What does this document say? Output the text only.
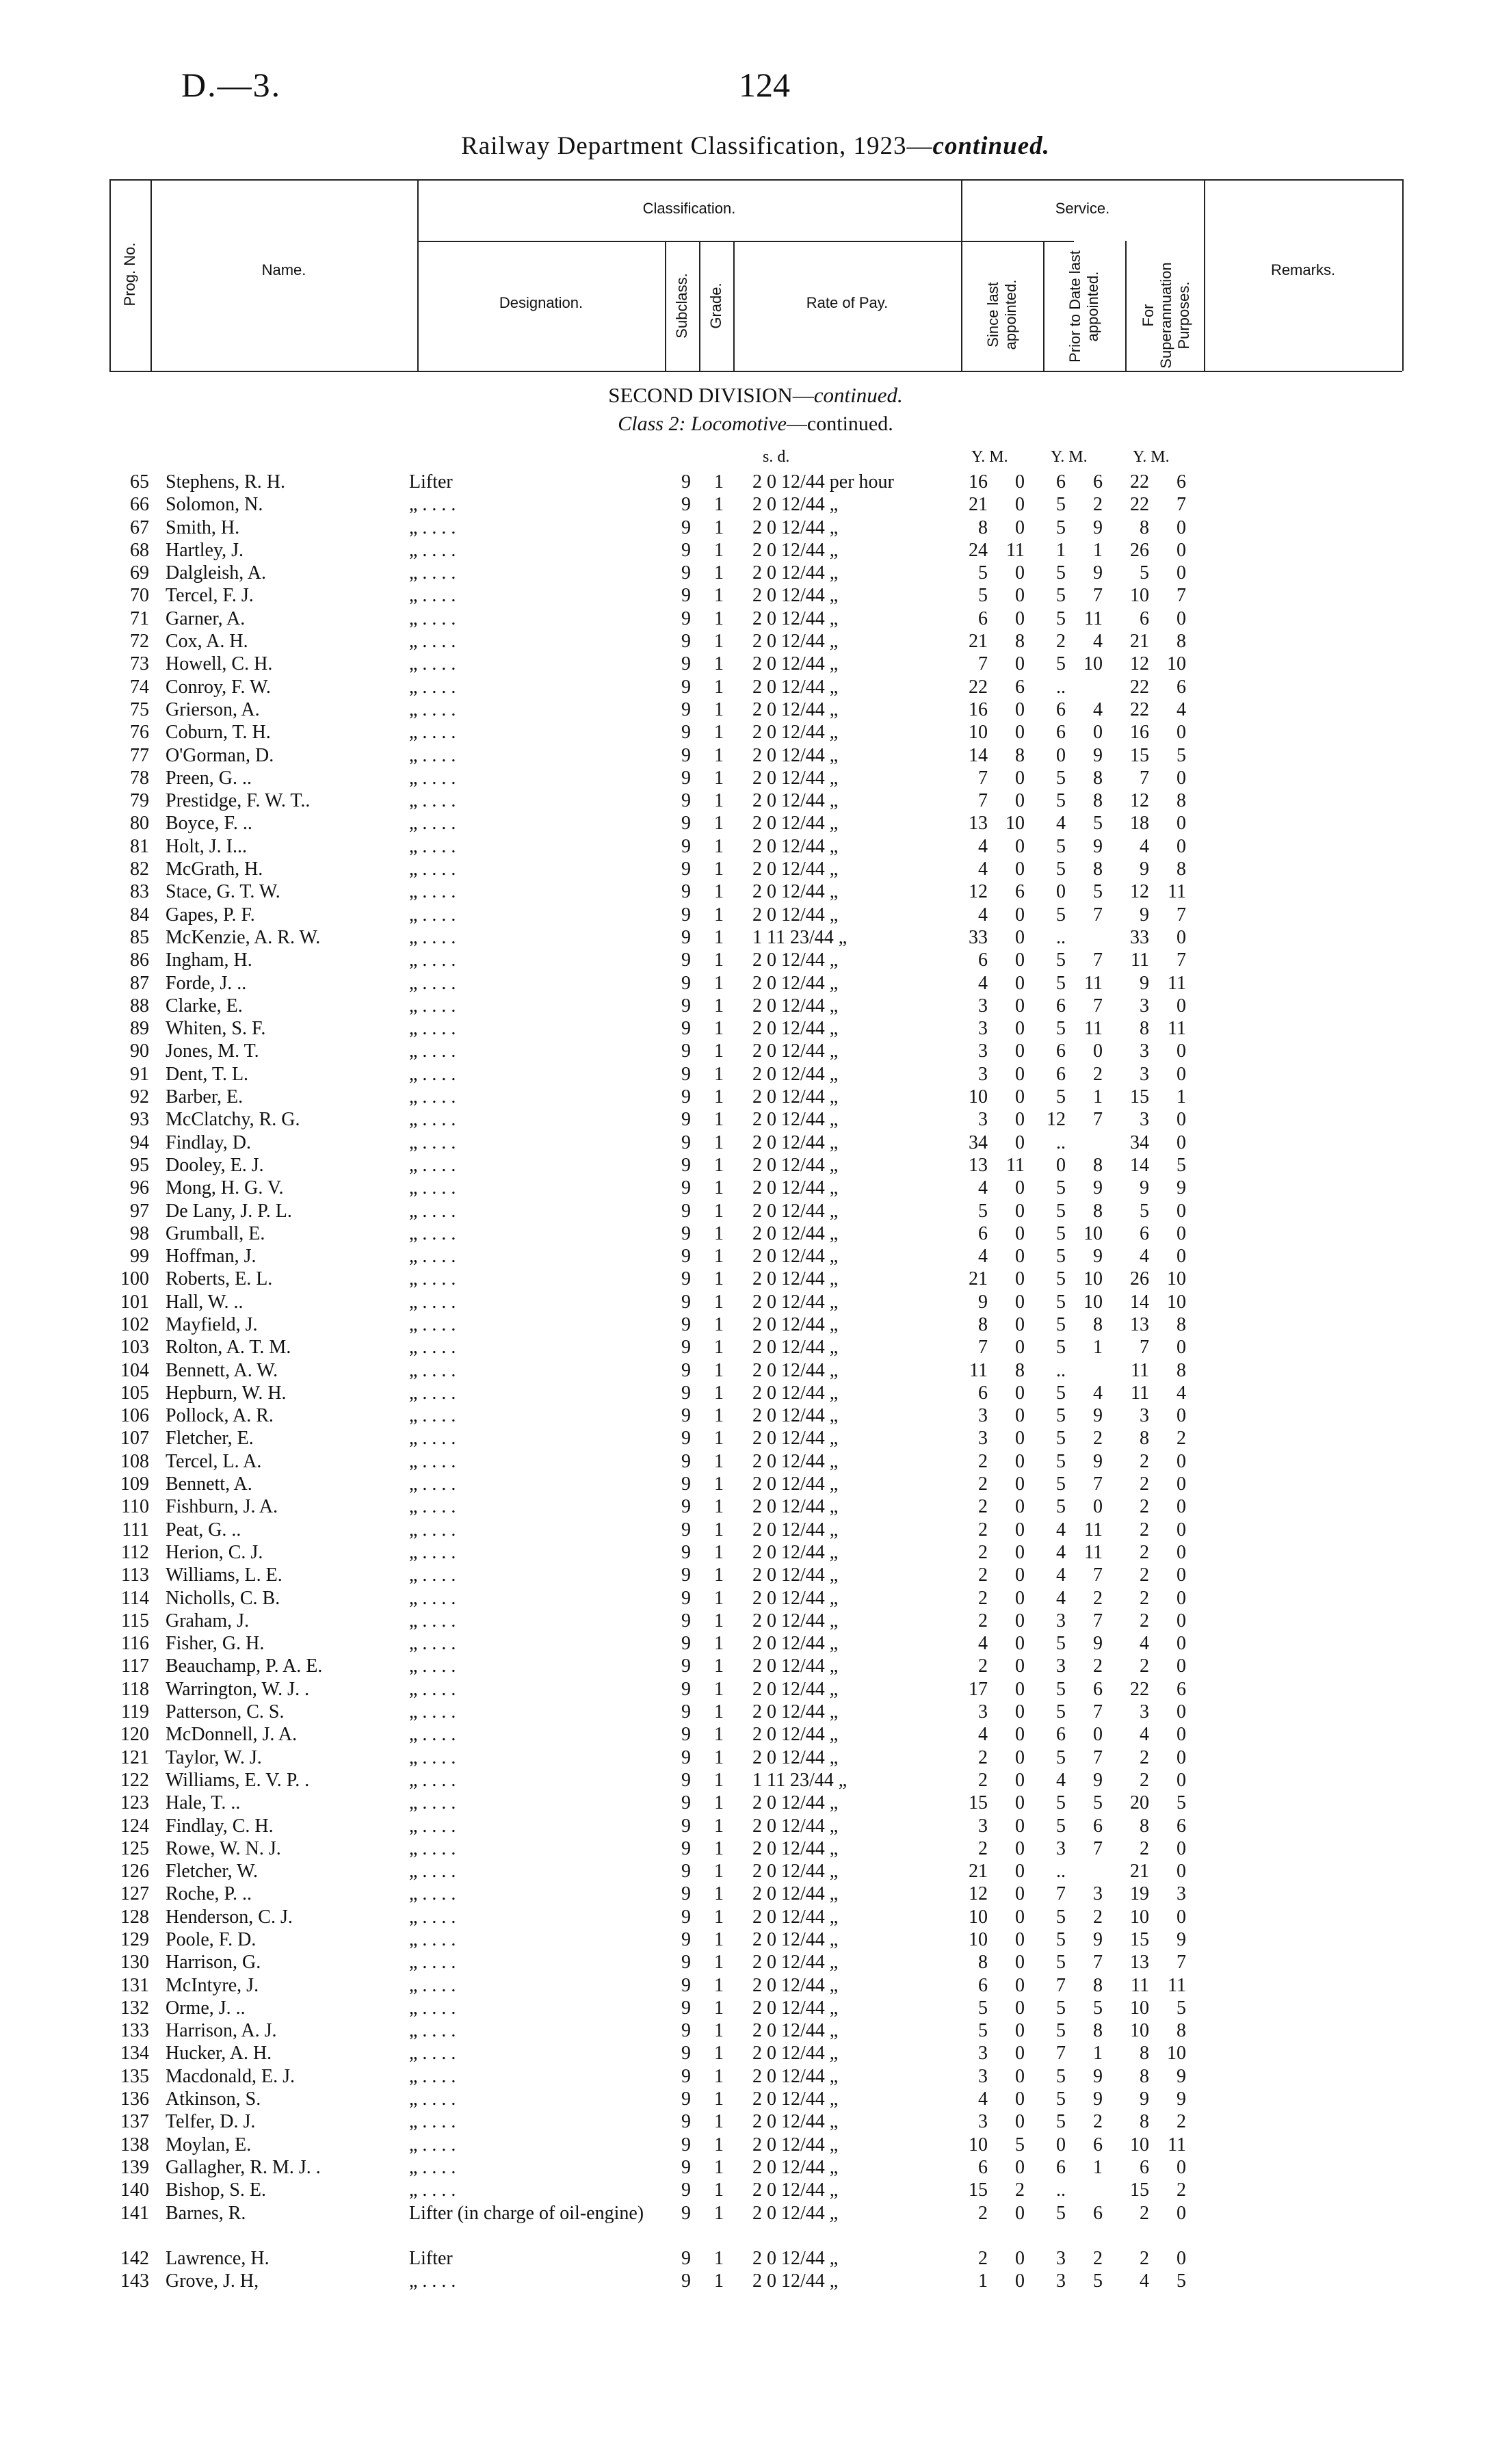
D.—3.	124
Railway Department Classification, 1923—continued.
Prog. No.	Name.
Classification.
Designation.	Subclass. Grade.	Rate of Pay.
Service.
Since last appointed.	Prior to Date last appointed.	For Superannuation Purposes.
Remarks.
SECOND DIVISION—continued.
Class 2: Locomotive—continued.
s. d.	Y. M.	Y. M.	Y. M.
65 Stephens, R. H.	Lifter	9 1 2 0 12/44 per hour	16	0	6	6	22	6
66 Solomon, N.	„ . . . .	9 1 2 0 12/44 „	21	0	5	2	22	7
67 Smith, H.	„ . . . .	9 1 2 0 12/44 „	8	0	5	9	8	0
68 Hartley, J.	„ . . . .	9 1 2 0 12/44 „	24 11	1	1	26	0
69 Dalgleish, A.	„ . . . .	9 1 2 0 12/44 „	5	0	5	9	5	0
70 Tercel, F. J.	„ . . . .	9 1 2 0 12/44 „	5	0	5	7	10	7
71 Garner, A.	„ . . . .	9 1 2 0 12/44 „	6	0	5 11	6	0
72 Cox, A. H.	„ . . . .	9 1 2 0 12/44 „	21	8	2	4	21	8
73 Howell, C. H.	„ . . . .	9 1 2 0 12/44 „	7	0	5 10	12 10
74 Conroy, F. W.	„ . . . .	9 1 2 0 12/44 „	22	6	..	22	6
75 Grierson, A.	„ . . . .	9 1 2 0 12/44 „	16	0	6	4	22	4
76 Coburn, T. H.	„ . . . .	9 1 2 0 12/44 „	10	0	6	0	16	0
77 O'Gorman, D.	„ . . . .	9 1 2 0 12/44 „	14	8	0	9	15	5
78 Preen, G. ..	„ . . . .	9 1 2 0 12/44 „	7	0	5	8	7	0
79 Prestidge, F. W. T..	„ . . . .	9 1 2 0 12/44 „	7	0	5	8	12	8
80 Boyce, F. ..	„ . . . .	9 1 2 0 12/44 „	13 10	4	5	18	0
81 Holt, J. I...	„ . . . .	9 1 2 0 12/44 „	4	0	5	9	4	0
82 McGrath, H.	„ . . . .	9 1 2 0 12/44 „	4	0	5	8	9	8
83 Stace, G. T. W.	„ . . . .	9 1 2 0 12/44 „	12	6	0	5	12 11
84 Gapes, P. F.	„ . . . .	9 1 2 0 12/44 „	4	0	5	7	9	7
85 McKenzie, A. R. W.	„ . . . .	9 1 1 11 23/44 „	33	0	..	33	0
86 Ingham, H.	„ . . . .	9 1 2 0 12/44 „	6	0	5	7	11	7
87 Forde, J. ..	„ . . . .	9 1 2 0 12/44 „	4	0	5 11	9 11
88 Clarke, E.	„ . . . .	9 1 2 0 12/44 „	3	0	6	7	3	0
89 Whiten, S. F.	„ . . . .	9 1 2 0 12/44 „	3	0	5 11	8 11
90 Jones, M. T.	„ . . . .	9 1 2 0 12/44 „	3	0	6	0	3	0
91 Dent, T. L.	„ . . . .	9 1 2 0 12/44 „	3	0	6	2	3	0
92 Barber, E.	„ . . . .	9 1 2 0 12/44 „	10	0	5	1	15	1
93 McClatchy, R. G.	„ . . . .	9 1 2 0 12/44 „	3	0	12	7	3	0
94 Findlay, D.	„ . . . .	9 1 2 0 12/44 „	34	0	..	34	0
95 Dooley, E. J.	„ . . . .	9 1 2 0 12/44 „	13 11	0	8	14	5
96 Mong, H. G. V.	„ . . . .	9 1 2 0 12/44 „	4	0	5	9	9	9
97 De Lany, J. P. L.	„ . . . .	9 1 2 0 12/44 „	5	0	5	8	5	0
98 Grumball, E.	„ . . . .	9 1 2 0 12/44 „	6	0	5 10	6	0
99 Hoffman, J.	„ . . . .	9 1 2 0 12/44 „	4	0	5	9	4	0
100 Roberts, E. L.	„ . . . .	9 1 2 0 12/44 „	21	0	5 10	26 10
101 Hall, W. ..	„ . . . .	9 1 2 0 12/44 „	9	0	5 10	14 10
102 Mayfield, J.	„ . . . .	9 1 2 0 12/44 „	8	0	5	8	13	8
103 Rolton, A. T. M.	„ . . . .	9 1 2 0 12/44 „	7	0	5	1	7	0
104 Bennett, A. W.	„ . . . .	9 1 2 0 12/44 „	11	8	..	11	8
105 Hepburn, W. H.	„ . . . .	9 1 2 0 12/44 „	6	0	5	4	11	4
106 Pollock, A. R.	„ . . . .	9 1 2 0 12/44 „	3	0	5	9	3	0
107 Fletcher, E.	„ . . . .	9 1 2 0 12/44 „	3	0	5	2	8	2
108 Tercel, L. A.	„ . . . .	9 1 2 0 12/44 „	2	0	5	9	2	0
109 Bennett, A.	„ . . . .	9 1 2 0 12/44 „	2	0	5	7	2	0
110 Fishburn, J. A.	„ . . . .	9 1 2 0 12/44 „	2	0	5	0	2	0
111 Peat, G. ..	„ . . . .	9 1 2 0 12/44 „	2	0	4 11	2	0
112 Herion, C. J.	„ . . . .	9 1 2 0 12/44 „	2	0	4 11	2	0
113 Williams, L. E.	„ . . . .	9 1 2 0 12/44 „	2	0	4	7	2	0
114 Nicholls, C. B.	„ . . . .	9 1 2 0 12/44 „	2	0	4	2	2	0
115 Graham, J.	„ . . . .	9 1 2 0 12/44 „	2	0	3	7	2	0
116 Fisher, G. H.	„ . . . .	9 1 2 0 12/44 „	4	0	5	9	4	0
117 Beauchamp, P. A. E.	„ . . . .	9 1 2 0 12/44 „	2	0	3	2	2	0
118 Warrington, W. J. .	„ . . . .	9 1 2 0 12/44 „	17	0	5	6	22	6
119 Patterson, C. S.	„ . . . .	9 1 2 0 12/44 „	3	0	5	7	3	0
120 McDonnell, J. A.	„ . . . .	9 1 2 0 12/44 „	4	0	6	0	4	0
121 Taylor, W. J.	„ . . . .	9 1 2 0 12/44 „	2	0	5	7	2	0
122 Williams, E. V. P. .	„ . . . .	9 1 1 11 23/44 „	2	0	4	9	2	0
123 Hale, T. ..	„ . . . .	9 1 2 0 12/44 „	15	0	5	5	20	5
124 Findlay, C. H.	„ . . . .	9 1 2 0 12/44 „	3	0	5	6	8	6
125 Rowe, W. N. J.	„ . . . .	9 1 2 0 12/44 „	2	0	3	7	2	0
126 Fletcher, W.	„ . . . .	9 1 2 0 12/44 „	21	0	..	21	0
127 Roche, P. ..	„ . . . .	9 1 2 0 12/44 „	12	0	7	3	19	3
128 Henderson, C. J.	„ . . . .	9 1 2 0 12/44 „	10	0	5	2	10	0
129 Poole, F. D.	„ . . . .	9 1 2 0 12/44 „	10	0	5	9	15	9
130 Harrison, G.	„ . . . .	9 1 2 0 12/44 „	8	0	5	7	13	7
131 McIntyre, J.	„ . . . .	9 1 2 0 12/44 „	6	0	7	8	11 11
132 Orme, J. ..	„ . . . .	9 1 2 0 12/44 „	5	0	5	5	10	5
133 Harrison, A. J.	„ . . . .	9 1 2 0 12/44 „	5	0	5	8	10	8
134 Hucker, A. H.	„ . . . .	9 1 2 0 12/44 „	3	0	7	1	8 10
135 Macdonald, E. J.	„ . . . .	9 1 2 0 12/44 „	3	0	5	9	8	9
136 Atkinson, S.	„ . . . .	9 1 2 0 12/44 „	4	0	5	9	9	9
137 Telfer, D. J.	„ . . . .	9 1 2 0 12/44 „	3	0	5	2	8	2
138 Moylan, E.	„ . . . .	9 1 2 0 12/44 „	10	5	0	6	10 11
139 Gallagher, R. M. J. .	„ . . . .	9 1 2 0 12/44 „	6	0	6	1	6	0
140 Bishop, S. E.	„ . . . .	9 1 2 0 12/44 „	15	2	..	15	2
141 Barnes, R.	Lifter (in charge of oil-engine)	9 1 2 0 12/44 „	2	0	5	6	2	0
142 Lawrence, H.	Lifter	9 1 2 0 12/44 „	2	0	3	2	2	0
143 Grove, J. H,	„ . . . .	9 1 2 0 12/44 „	1	0	3	5	4	5
